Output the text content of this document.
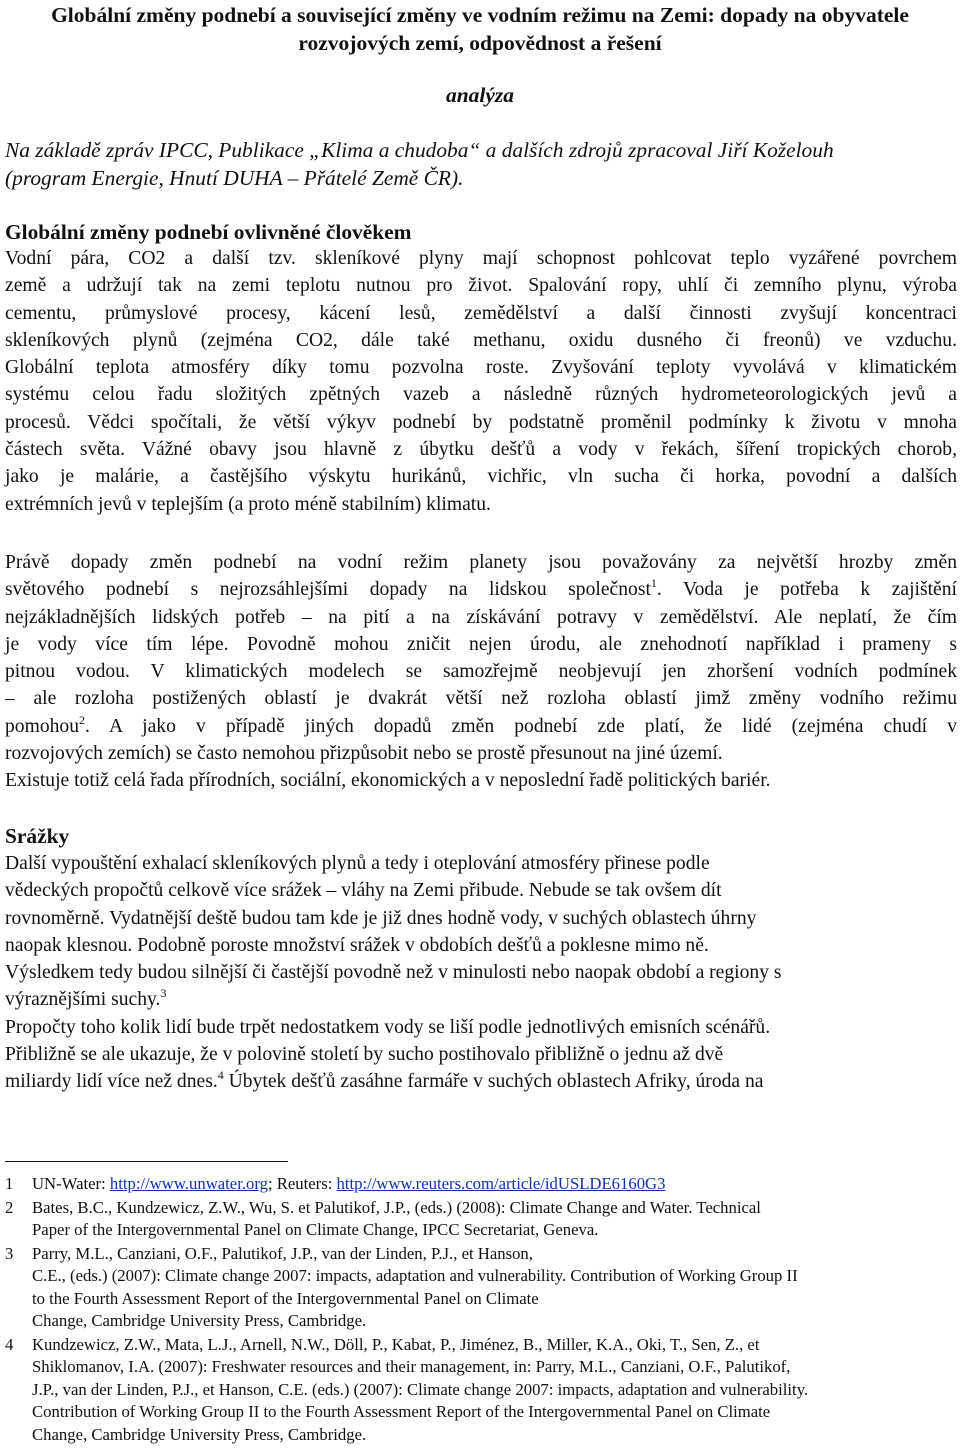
Globální změny podnebí a související změny ve vodním režimu na Zemi: dopady na obyvatele
rozvojových zemí, odpovědnost a řešení
analýza
Na základě zpráv IPCC, Publikace „Klima a chudoba“ a dalších zdrojů zpracoval Jiří Koželouh
(program Energie, Hnutí DUHA – Přátelé Země ČR).
Globální změny podnebí ovlivněné člověkem
Vodní pára, CO2 a další tzv. skleníkové plyny mají schopnost pohlcovat teplo vyzářené povrchem
země a udržují tak na zemi teplotu nutnou pro život. Spalování ropy, uhlí či zemního plynu, výroba
cementu, průmyslové procesy, kácení lesů, zemědělství a další činnosti zvyšují koncentraci
skleníkových plynů (zejména CO2, dále také methanu, oxidu dusného či freonů) ve vzduchu.
Globální teplota atmosféry díky tomu pozvolna roste. Zvyšování teploty vyvolává v klimatickém
systému celou řadu složitých zpětných vazeb a následně různých hydrometeorologických jevů a
procesů. Vědci spočítali, že větší výkyv podnebí by podstatně proměnil podmínky k životu v mnoha
částech světa. Vážné obavy jsou hlavně z úbytku dešťů a vody v řekách, šíření tropických chorob,
jako je malárie, a častějšího výskytu hurikánů, vichřic, vln sucha či horka, povodní a dalších
extrémních jevů v teplejším (a proto méně stabilním) klimatu.
Právě dopady změn podnebí na vodní režim planety jsou považovány za největší hrozby změn
světového podnebí s nejrozsáhlejšími dopady na lidskou společnost$^1$. Voda je potřeba k zajištění
nejzákladnějších lidských potřeb – na pití a na získávání potravy v zemědělství. Ale neplatí, že čím
je vody více tím lépe. Povodně mohou zničit nejen úrodu, ale znehodnotí například i prameny s
pitnou vodou. V klimatických modelech se samozřejmě neobjevují jen zhoršení vodních podmínek
– ale rozloha postižených oblastí je dvakrát větší než rozloha oblastí jimž změny vodního režimu
pomohou$^2$. A jako v případě jiných dopadů změn podnebí zde platí, že lidé (zejména chudí v
rozvojových zemích) se často nemohou přizpůsobit nebo se prostě přesunout na jiné území.
Existuje totiž celá řada přírodních, sociální, ekonomických a v neposlední řadě politických bariér.
Srážky
Další vypouštění exhalací skleníkových plynů a tedy i oteplování atmosféry přinese podle
vědeckých propočtů celkově více srážek – vláhy na Zemi přibude. Nebude se tak ovšem dít
rovnoměrně. Vydatnější deště budou tam kde je již dnes hodně vody, v suchých oblastech úhrny
naopak klesnou. Podobně poroste množství srážek v obdobích dešťů a poklesne mimo ně.
Výsledkem tedy budou silnější či častější povodně než v minulosti nebo naopak období a regiony s
výraznějšími suchy.$^3$
Propočty toho kolik lidí bude trpět nedostatkem vody se liší podle jednotlivých emisních scénářů.
Přibližně se ale ukazuje, že v polovině století by sucho postihovalo přibližně o jednu až dvě
miliardy lidí více než dnes.$^4$ Úbytek dešťů zasáhne farmáře v suchých oblastech Afriky, úroda na
1 UN-Water: http://www.unwater.org; Reuters: http://www.reuters.com/article/idUSLDE6160G3
2 Bates, B.C., Kundzewicz, Z.W., Wu, S. et Palutikof, J.P., (eds.) (2008): Climate Change and Water. Technical
Paper of the Intergovernmental Panel on Climate Change, IPCC Secretariat, Geneva.
3 Parry, M.L., Canziani, O.F., Palutikof, J.P., van der Linden, P.J., et Hanson,
C.E., (eds.) (2007): Climate change 2007: impacts, adaptation and vulnerability. Contribution of Working Group II
to the Fourth Assessment Report of the Intergovernmental Panel on Climate
Change, Cambridge University Press, Cambridge.
4 Kundzewicz, Z.W., Mata, L.J., Arnell, N.W., Döll, P., Kabat, P., Jiménez, B., Miller, K.A., Oki, T., Sen, Z., et
Shiklomanov, I.A. (2007): Freshwater resources and their management, in: Parry, M.L., Canziani, O.F., Palutikof,
J.P., van der Linden, P.J., et Hanson, C.E. (eds.) (2007): Climate change 2007: impacts, adaptation and vulnerability.
Contribution of Working Group II to the Fourth Assessment Report of the Intergovernmental Panel on Climate
Change, Cambridge University Press, Cambridge.
